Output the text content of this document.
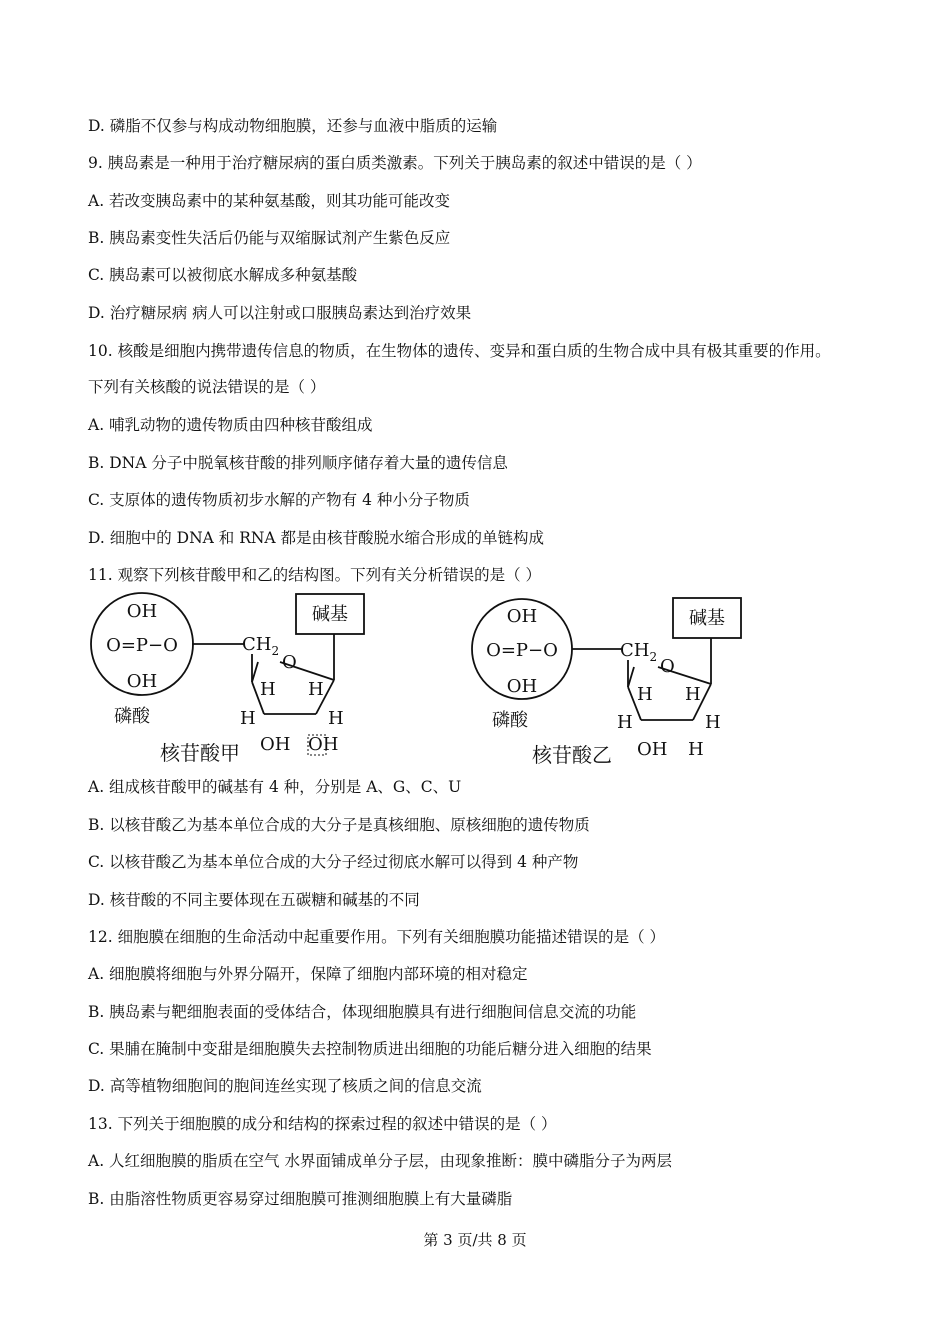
D. 磷脂不仅参与构成动物细胞膜，还参与血液中脂质的运输
9. 胰岛素是一种用于治疗糖尿病的蛋白质类激素。下列关于胰岛素的叙述中错误的是（ ）
A. 若改变胰岛素中的某种氨基酸，则其功能可能改变
B. 胰岛素变性失活后仍能与双缩脲试剂产生紫色反应
C. 胰岛素可以被彻底水解成多种氨基酸
D. 治疗糖尿病 病人可以注射或口服胰岛素达到治疗效果
10. 核酸是细胞内携带遗传信息的物质，在生物体的遗传、变异和蛋白质的生物合成中具有极其重要的作用。
下列有关核酸的说法错误的是（ ）
A. 哺乳动物的遗传物质由四种核苷酸组成
B. DNA 分子中脱氧核苷酸的排列顺序储存着大量的遗传信息
C. 支原体的遗传物质初步水解的产物有 4 种小分子物质
D. 细胞中的 DNA 和 RNA 都是由核苷酸脱水缩合形成的单链构成
11. 观察下列核苷酸甲和乙的结构图。下列有关分析错误的是（ ）
OH
O=P−O
OH
磷酸
$CH_2$
O
碱基
H H
H	H
OH OH
核苷酸甲
OH
O=P−O
OH
磷酸
$CH_2$ O
碱基
H H
H	H
OH H
核苷酸乙
A. 组成核苷酸甲的碱基有 4 种，分别是 A、G、C、U
B. 以核苷酸乙为基本单位合成的大分子是真核细胞、原核细胞的遗传物质
C. 以核苷酸乙为基本单位合成的大分子经过彻底水解可以得到 4 种产物
D. 核苷酸的不同主要体现在五碳糖和碱基的不同
12. 细胞膜在细胞的生命活动中起重要作用。下列有关细胞膜功能描述错误的是（ ）
A. 细胞膜将细胞与外界分隔开，保障了细胞内部环境的相对稳定
B. 胰岛素与靶细胞表面的受体结合，体现细胞膜具有进行细胞间信息交流的功能
C. 果脯在腌制中变甜是细胞膜失去控制物质进出细胞的功能后糖分进入细胞的结果
D. 高等植物细胞间的胞间连丝实现了核质之间的信息交流
13. 下列关于细胞膜的成分和结构的探索过程的叙述中错误的是（ ）
A. 人红细胞膜的脂质在空气 水界面铺成单分子层，由现象推断：膜中磷脂分子为两层
B. 由脂溶性物质更容易穿过细胞膜可推测细胞膜上有大量磷脂
第 3 页/共 8 页
